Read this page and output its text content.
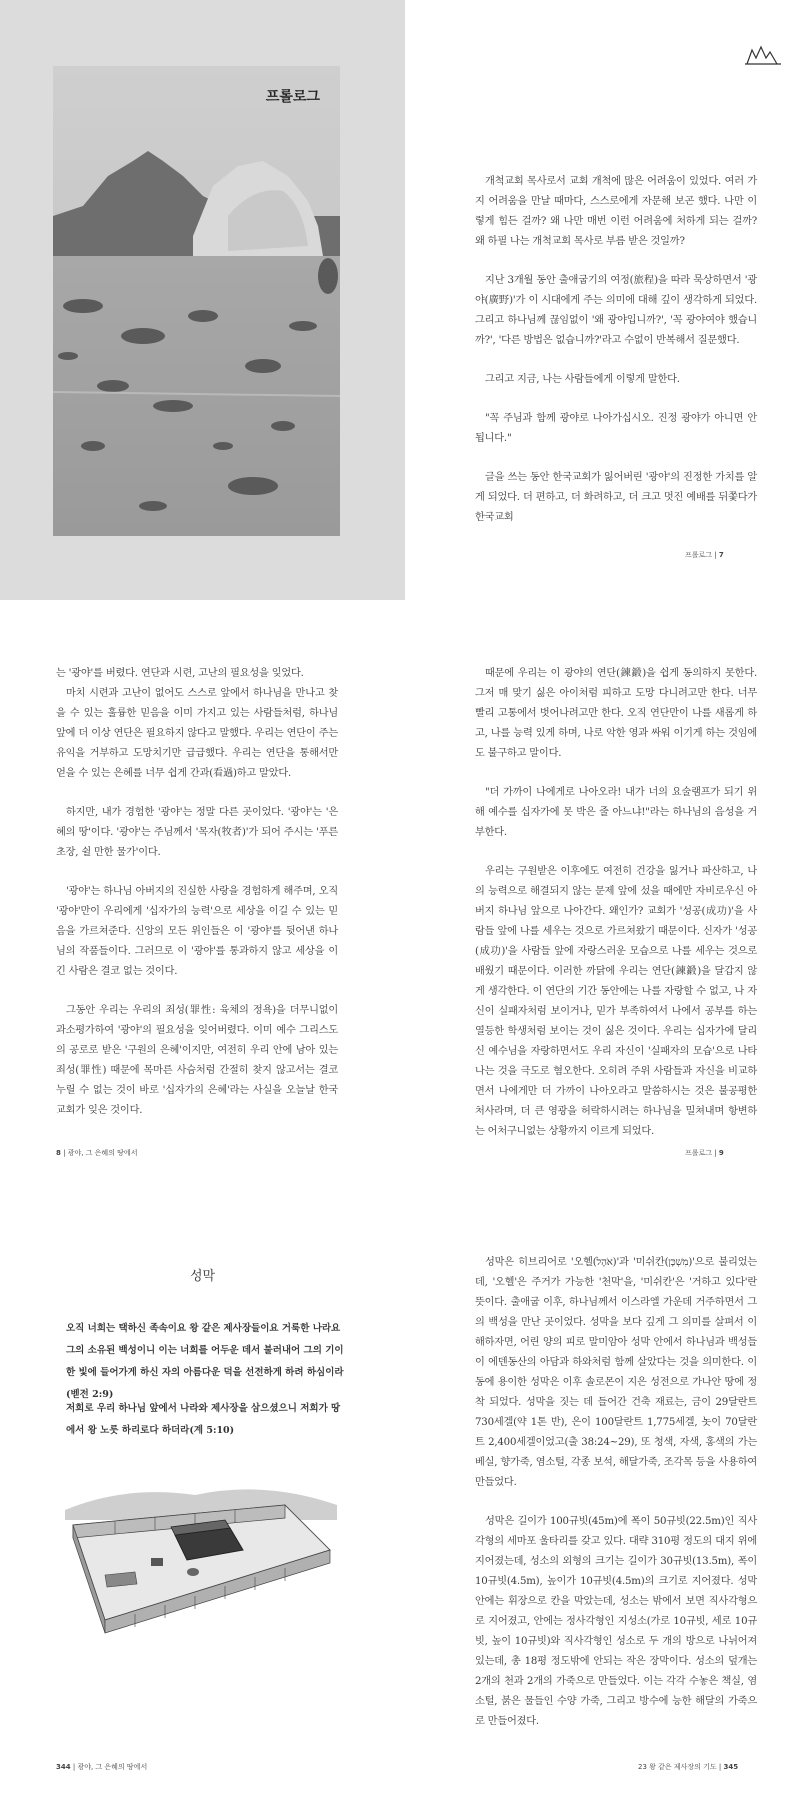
프롤로그

개척교회 목사로서 교회 개척에 많은 어려움이 있었다. 여러 가지 어려움을 만날 때마다, 스스로에게 자문해 보곤 했다. 나만 이렇게 힘든 걸까? 왜 나만 매번 이런 어려움에 처하게 되는 걸까? 왜 하필 나는 개척교회 목사로 부름 받은 것일까?

지난 3개월 동안 출애굽기의 여정(旅程)을 따라 묵상하면서 '광야(廣野)'가 이 시대에게 주는 의미에 대해 깊이 생각하게 되었다. 그리고 하나님께 끊임없이 '왜 광야입니까?', '꼭 광야여야 했습니까?', '다른 방법은 없습니까?'라고 수없이 반복해서 질문했다.

그리고 지금, 나는 사람들에게 이렇게 말한다.

"꼭 주님과 함께 광야로 나아가십시오. 진정 광야가 아니면 안 됩니다."

글을 쓰는 동안 한국교회가 잃어버린 '광야'의 진정한 가치를 알게 되었다. 더 편하고, 더 화려하고, 더 크고 멋진 예배를 뒤쫓다가 한국교회

프롤로그 | 7

는 '광야'를 버렸다. 연단과 시련, 고난의 필요성을 잊었다.

마치 시련과 고난이 없어도 스스로 앞에서 하나님을 만나고 찾을 수 있는 훌륭한 믿음을 이미 가지고 있는 사람들처럼, 하나님 앞에 더 이상 연단은 필요하지 않다고 말했다. 우리는 연단이 주는 유익을 거부하고 도망치기만 급급했다. 우리는 연단을 통해서만 얻을 수 있는 은혜를 너무 쉽게 간과(看過)하고 말았다.

하지만, 내가 경험한 '광야'는 정말 다른 곳이었다. '광야'는 '은혜의 땅'이다. '광야'는 주님께서 '목자(牧者)'가 되어 주시는 '푸른 초장, 쉴 만한 물가'이다.

'광야'는 하나님 아버지의 진실한 사랑을 경험하게 해주며, 오직 '광야'만이 우리에게 '십자가의 능력'으로 세상을 이길 수 있는 믿음을 가르쳐준다. 신앙의 모든 위인들은 이 '광야'를 뒷어낸 하나님의 작품들이다. 그러므로 이 '광야'를 통과하지 않고 세상을 이긴 사람은 결코 없는 것이다.

그동안 우리는 우리의 죄성(罪性: 육체의 정욕)을 더무니없이 과소평가하여 '광야'의 필요성을 잊어버렸다. 이미 예수 그리스도의 공로로 받은 '구원의 은혜'이지만, 여전히 우리 안에 남아 있는 죄성(罪性) 때문에 목마른 사슴처럼 간절히 찾지 않고서는 결코 누릴 수 없는 것이 바로 '십자가의 은혜'라는 사실을 오늘날 한국교회가 잊은 것이다.

때문에 우리는 이 광야의 연단(鍊鍛)을 쉽게 동의하지 못한다. 그저 매 맞기 싫은 아이처럼 피하고 도망 다니려고만 한다. 너무 빨리 고통에서 벗어나려고만 한다. 오직 연단만이 나를 새롭게 하고, 나를 능력 있게 하며, 나로 악한 영과 싸워 이기게 하는 것임에도 불구하고 말이다.

"더 가까이 나에게로 나아오라! 내가 너의 요술램프가 되기 위해 예수를 십자가에 못 박은 줄 아느냐!"라는 하나님의 음성을 거부한다.

우리는 구원받은 이후에도 여전히 건강을 잃거나 파산하고, 나의 능력으로 해결되지 않는 문제 앞에 섰을 때에만 자비로우신 아버지 하나님 앞으로 나아간다. 왜인가? 교회가 '성공(成功)'을 사람들 앞에 나를 세우는 것으로 가르쳐왔기 때문이다. 신자가 '성공(成功)'을 사람들 앞에 자랑스러운 모습으로 나를 세우는 것으로 배웠기 때문이다. 이러한 까닭에 우리는 연단(鍊鍛)을 달갑지 않게 생각한다. 이 연단의 기간 동안에는 나를 자랑할 수 없고, 나 자신이 실패자처럼 보이거나, 믿가 부족하여서 나에서 공부를 하는 열등한 학생처럼 보이는 것이 싫은 것이다. 우리는 십자가에 달리신 예수님을 자랑하면서도 우리 자신이 '실패자의 모습'으로 나타나는 것을 극도로 혐오한다. 오히려 주위 사람들과 자신을 비교하면서 나에게만 더 가까이 나아오라고 말씀하시는 것은 불공평한 처사라며, 더 큰 영광을 허락하시려는 하나님을 밀쳐내며 항변하는 어처구니없는 상황까지 이르게 되었다.

8 | 광야, 그 은혜의 땅에서	프롤로그 | 9
성막
오직 너희는 택하신 족속이요 왕 같은 제사장들이요 거룩한 나라요 그의 소유된 백성이니 이는 너희를 어두운 데서 불러내어 그의 기이한 빛에 들어가게 하신 자의 아름다운 덕을 선전하게 하려 하심이라(벧전 2:9)
저희로 우리 하나님 앞에서 나라와 제사장을 삼으셨으니 저희가 땅에서 왕 노릇 하리로다 하더라(계 5:10)

성막은 히브리어로 '오헬(אֹהֶל)'과 '미쉬칸(מִשְׁכָּן)'으로 불리었는데, '오헬'은 주거가 가능한 '천막'을, '미쉬칸'은 '거하고 있다'란 뜻이다. 출애굽 이후, 하나님께서 이스라엘 가운데 거주하면서 그의 백성을 만난 곳이었다. 성막을 보다 깊게 그 의미를 살펴서 이해하자면, 어린 양의 피로 말미암아 성막 안에서 하나님과 백성들이 에덴동산의 아담과 하와처럼 함께 살았다는 것을 의미한다. 이동에 용이한 성막은 이후 솔로몬이 지은 성전으로 가나안 땅에 정착 되었다. 성막을 짓는 데 들어간 건축 재료는, 금이 29달란트 730세겔(약 1톤 반), 은이 100달란트 1,775세겔, 놋이 70달란트 2,400세겔이었고(출 38:24~29), 또 청색, 자색, 홍색의 가는 베실, 향가죽, 염소털, 각종 보석, 해달가죽, 조각목 등을 사용하여 만들었다.

성막은 길이가 100규빗(45m)에 폭이 50규빗(22.5m)인 직사각형의 세마포 울타리를 갖고 있다. 대략 310평 정도의 대지 위에 지어졌는데, 성소의 외형의 크기는 길이가 30규빗(13.5m), 폭이 10규빗(4.5m), 높이가 10규빗(4.5m)의 크기로 지어졌다. 성막 안에는 휘장으로 칸을 막았는데, 성소는 밖에서 보면 직사각형으로 지어졌고, 안에는 정사각형인 지성소(가로 10규빗, 세로 10규빗, 높이 10규빗)와 직사각형인 성소로 두 개의 방으로 나뉘어져 있는데, 총 18평 정도밖에 안되는 작은 장막이다. 성소의 덮개는 2개의 천과 2개의 가죽으로 만들었다. 이는 각각 수놓은 책실, 염소털, 붉은 물들인 수양 가죽, 그리고 방수에 능한 해달의 가죽으로 만들어졌다.

344 | 광야, 그 은혜의 땅에서	23 왕 같은 제사장의 기도 | 345
